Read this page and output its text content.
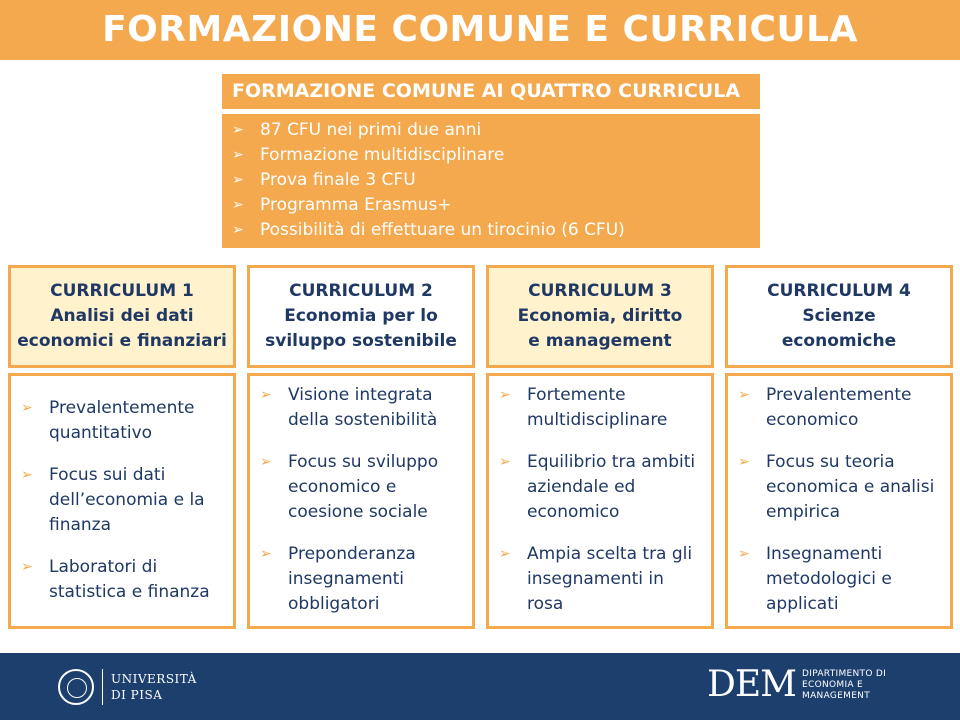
FORMAZIONE COMUNE E CURRICULA
FORMAZIONE COMUNE AI QUATTRO CURRICULA
➢ 87 CFU nei primi due anni
➢ Formazione multidisciplinare
➢ Prova finale 3 CFU
➢ Programma Erasmus+
➢ Possibilità di effettuare un tirocinio (6 CFU)
CURRICULUM 1
Analisi dei dati
economici e finanziari
➢ Prevalentemente quantitativo
➢ Focus sui dati dell’economia e la finanza
➢ Laboratori di statistica e finanza
CURRICULUM 2
Economia per lo
sviluppo sostenibile
➢ Visione integrata della sostenibilità
➢ Focus su sviluppo economico e coesione sociale
➢ Preponderanza insegnamenti obbligatori
CURRICULUM 3
Economia, diritto
e management
➢ Fortemente multidisciplinare
➢ Equilibrio tra ambiti aziendale ed economico
➢ Ampia scelta tra gli insegnamenti in rosa
CURRICULUM 4
Scienze
economiche
➢ Prevalentemente economico
➢ Focus su teoria economica e analisi empirica
➢ Insegnamenti metodologici e applicati
UNIVERSITÀ
DI PISA	DEM DIPARTIMENTO DI
ECONOMIA E
MANAGEMENT
